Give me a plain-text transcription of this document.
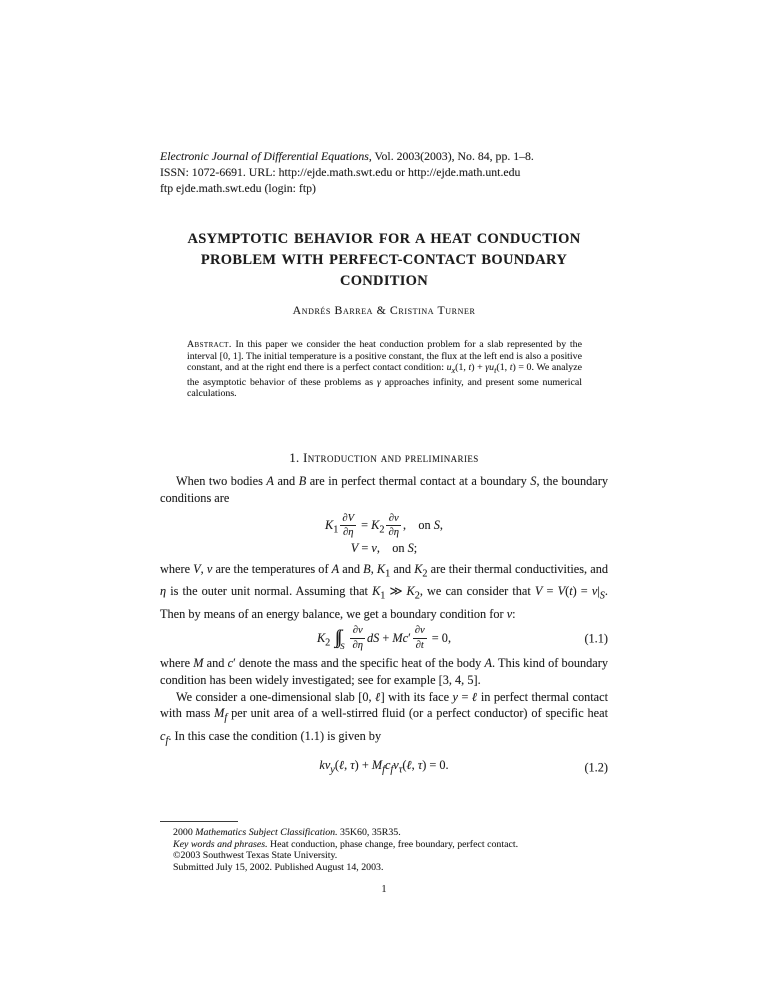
Electronic Journal of Differential Equations, Vol. 2003(2003), No. 84, pp. 1–8.
ISSN: 1072-6691. URL: http://ejde.math.swt.edu or http://ejde.math.unt.edu
ftp ejde.math.swt.edu (login: ftp)
ASYMPTOTIC BEHAVIOR FOR A HEAT CONDUCTION
PROBLEM WITH PERFECT-CONTACT BOUNDARY
CONDITION
Andrés Barrea & Cristina Turner
Abstract. In this paper we consider the heat conduction problem for a slab represented by the interval [0, 1]. The initial temperature is a positive constant, the flux at the left end is also a positive constant, and at the right end there is a perfect contact condition: $u_x(1$, $t) + \gamma u_t(1$, t) = 0. We analyze the asymptotic behavior of these problems as γ approaches infinity, and present some numerical calculations.
1. Introduction and preliminaries

When two bodies A and B are in perfect thermal contact at a boundary S, the boundary conditions are

$K_1 \frac{\partial V}{\partial\eta} = K_2 \frac{\partial v}{\partial\eta}$ , on S,
V = v, on S;

where V, v are the temperatures of A and B, $K_1$ and $K_2$ are their thermal conductivities, and η is the outer unit normal. Assuming that $K_1$ ≫ $K_2$, we can consider that $V = V(t) = v|_S$. Then by means of an energy balance, we get a boundary condition for v:

$K_2$  $\int\int S \frac{\partial v}{\partial\eta}$ dS + $Mc' \frac{\partial v}{\partial t} = 0$,	(1.1)

where M and c′ denote the mass and the specific heat of the body A. This kind of boundary condition has been widely investigated; see for example [3, 4, 5].

We consider a one-dimensional slab [0, ℓ] with its face y = ℓ in perfect thermal contact with mass $M_f$ per unit area of a well-stirred fluid (or a perfect conductor) of specific heat $c_f$. In this case the condition (1.1) is given by

$kv_y(\ell$, $\tau) + M_fc_fv_\tau(\ell$, τ) = 0.	(1.2)
2000 Mathematics Subject Classification. 35K60, 35R35.
Key words and phrases. Heat conduction, phase change, free boundary, perfect contact.
©2003 Southwest Texas State University.
Submitted July 15, 2002. Published August 14, 2003.
1
